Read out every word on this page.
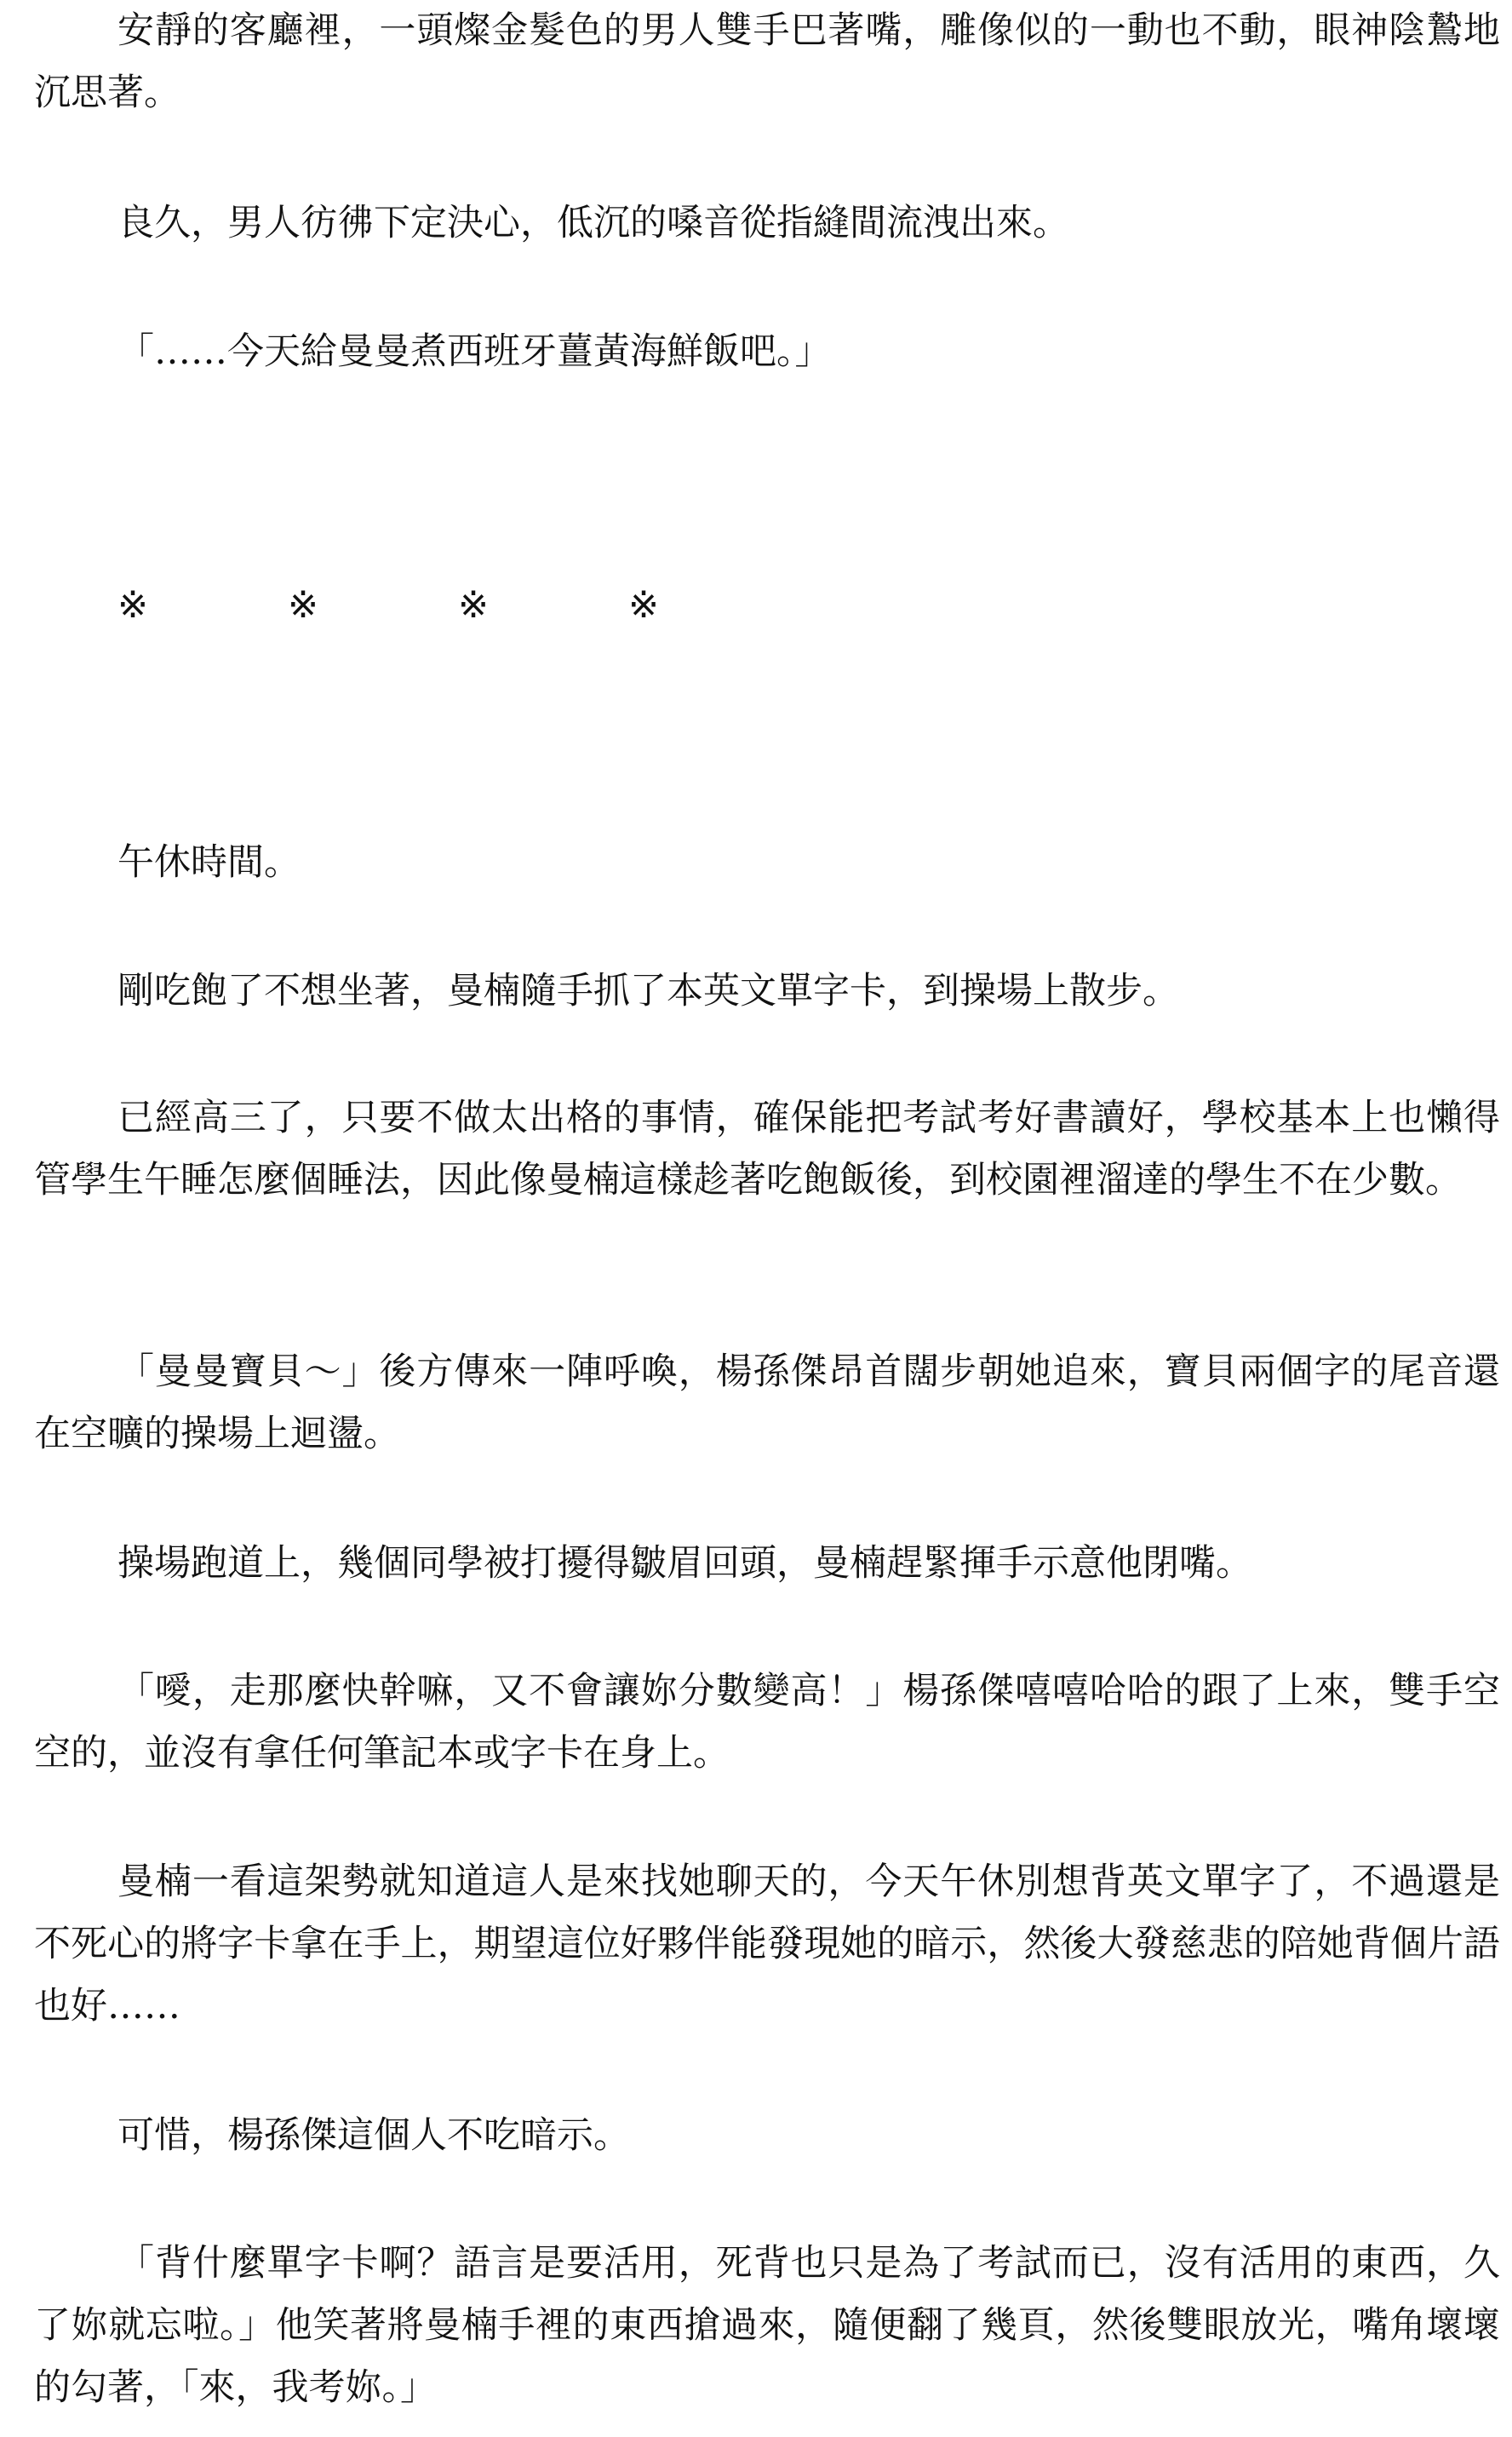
安靜的客廳裡，一頭燦金髮色的男人雙手巴著嘴，雕像似的一動也不動，眼神陰鷙地沉思著。

良久，男人彷彿下定決心，低沉的嗓音從指縫間流洩出來。

「……今天給曼曼煮西班牙薑黃海鮮飯吧。」

※	※	※	※

午休時間。

剛吃飽了不想坐著，曼楠隨手抓了本英文單字卡，到操場上散步。

已經高三了，只要不做太出格的事情，確保能把考試考好書讀好，學校基本上也懶得管學生午睡怎麼個睡法，因此像曼楠這樣趁著吃飽飯後，到校園裡溜達的學生不在少數。

「曼曼寶貝～」後方傳來一陣呼喚，楊孫傑昂首闊步朝她追來，寶貝兩個字的尾音還在空曠的操場上迴盪。

操場跑道上，幾個同學被打擾得皺眉回頭，曼楠趕緊揮手示意他閉嘴。

「噯，走那麼快幹嘛，又不會讓妳分數變高！」楊孫傑嘻嘻哈哈的跟了上來，雙手空空的，並沒有拿任何筆記本或字卡在身上。

曼楠一看這架勢就知道這人是來找她聊天的，今天午休別想背英文單字了，不過還是不死心的將字卡拿在手上，期望這位好夥伴能發現她的暗示，然後大發慈悲的陪她背個片語也好……

可惜，楊孫傑這個人不吃暗示。

「背什麼單字卡啊？語言是要活用，死背也只是為了考試而已，沒有活用的東西，久了妳就忘啦。」他笑著將曼楠手裡的東西搶過來，隨便翻了幾頁，然後雙眼放光，嘴角壞壞的勾著，「來，我考妳。」
